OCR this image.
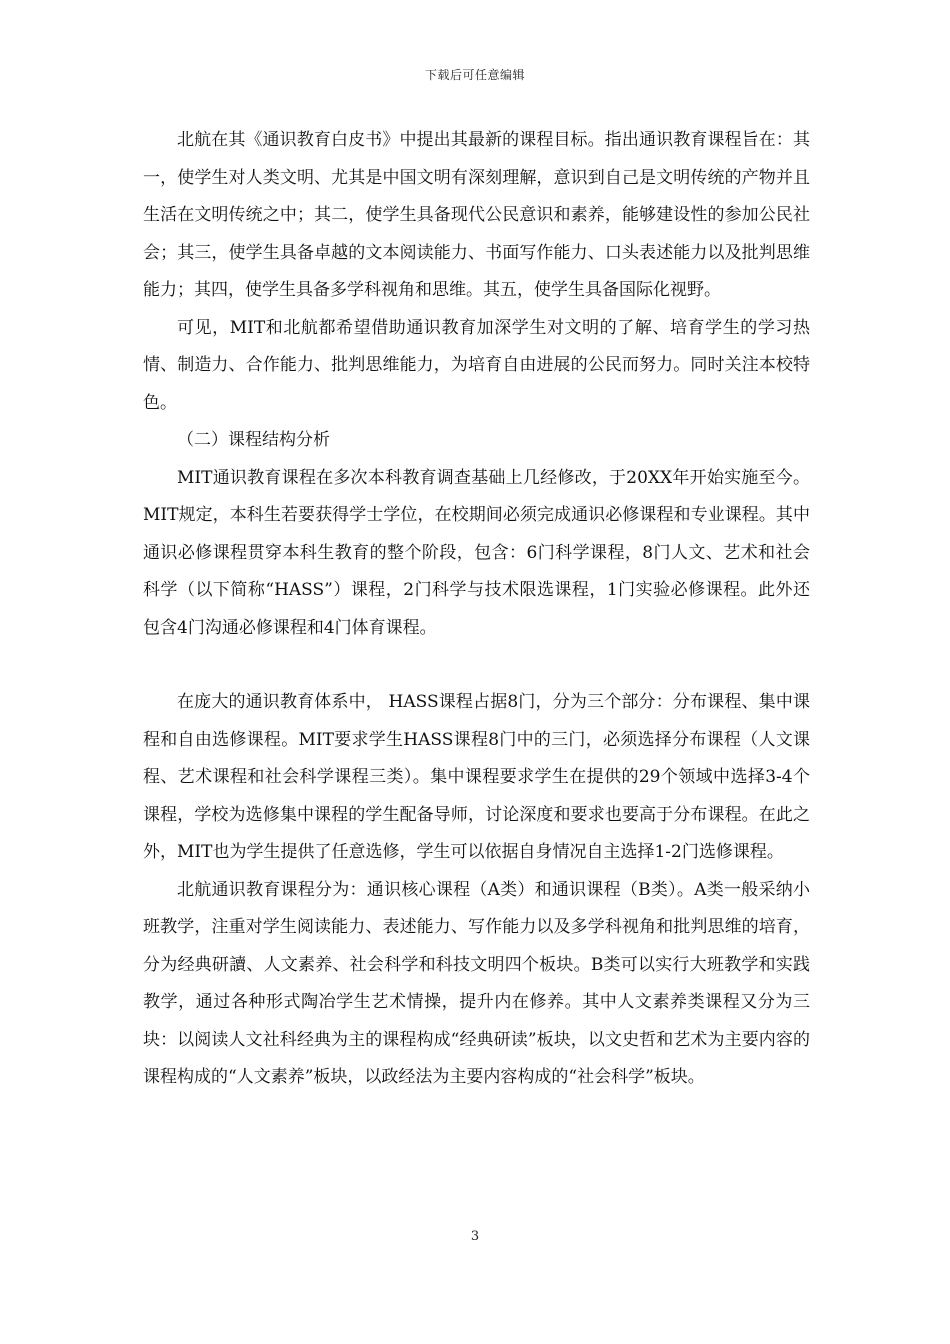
下载后可任意编辑

北航在其《通识教育白皮书》中提出其最新的课程目标。指出通识教育课程旨在：其一，使学生对人类文明、尤其是中国文明有深刻理解，意识到自己是文明传统的产物并且生活在文明传统之中；其二，使学生具备现代公民意识和素养，能够建设性的参加公民社会；其三，使学生具备卓越的文本阅读能力、书面写作能力、口头表述能力以及批判思维能力；其四，使学生具备多学科视角和思维。其五，使学生具备国际化视野。

可见，MIT和北航都希望借助通识教育加深学生对文明的了解、培育学生的学习热情、制造力、合作能力、批判思维能力，为培育自由进展的公民而努力。同时关注本校特色。

（二）课程结构分析

MIT通识教育课程在多次本科教育调查基础上几经修改，于20XX年开始实施至今。MIT规定，本科生若要获得学士学位，在校期间必须完成通识必修课程和专业课程。其中通识必修课程贯穿本科生教育的整个阶段，包含：6门科学课程，8门人文、艺术和社会科学（以下简称“HASS”）课程，2门科学与技术限选课程，1门实验必修课程。此外还包含4门沟通必修课程和4门体育课程。

在庞大的通识教育体系中， HASS课程占据8门，分为三个部分：分布课程、集中课程和自由选修课程。MIT要求学生HASS课程8门中的三门，必须选择分布课程（人文课程、艺术课程和社会科学课程三类）。集中课程要求学生在提供的29个领域中选择3-4个课程，学校为选修集中课程的学生配备导师，讨论深度和要求也要高于分布课程。在此之外，MIT也为学生提供了任意选修，学生可以依据自身情况自主选择1-2门选修课程。

北航通识教育课程分为：通识核心课程（A类）和通识课程（B类）。A类一般采纳小班教学，注重对学生阅读能力、表述能力、写作能力以及多学科视角和批判思维的培育，分为经典研讀、人文素养、社会科学和科技文明四个板块。B类可以实行大班教学和实践教学，通过各种形式陶冶学生艺术情操，提升内在修养。其中人文素养类课程又分为三块：以阅读人文社科经典为主的课程构成“经典研读”板块，以文史哲和艺术为主要内容的课程构成的“人文素养”板块，以政经法为主要内容构成的“社会科学”板块。

3
